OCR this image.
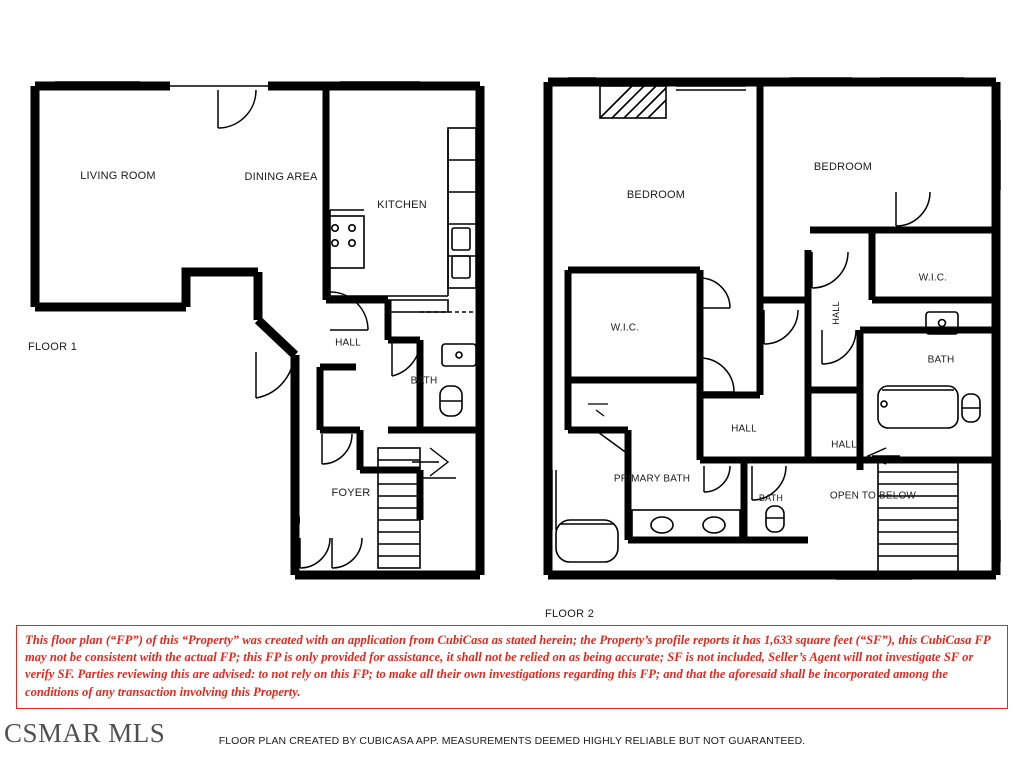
FLOOR 1
LIVING ROOM	DINING AREA
KITCHEN
HALL
BATH
FOYER
FLOOR 2
BEDROOM
BEDROOM
W.I.C.
W.I.C.
BATH
HALL
HALL
HALL
PRIMARY BATH
BATH	OPEN TO BELOW
This floor plan (“FP”) of this “Property” was created with an application from CubiCasa as stated herein; the Property’s profile reports it has 1,633 square feet (“SF”), this CubiCasa FP may not be consistent with the actual FP; this FP is only provided for assistance, it shall not be relied on as being accurate; SF is not included, Seller’s Agent will not investigate SF or verify SF. Parties reviewing this are advised: to not rely on this FP; to make all their own investigations regarding this FP; and that the aforesaid shall be incorporated among the conditions of any transaction involving this Property.
FLOOR PLAN CREATED BY CUBICASA APP. MEASUREMENTS DEEMED HIGHLY RELIABLE BUT NOT GUARANTEED.
CSMAR MLS
